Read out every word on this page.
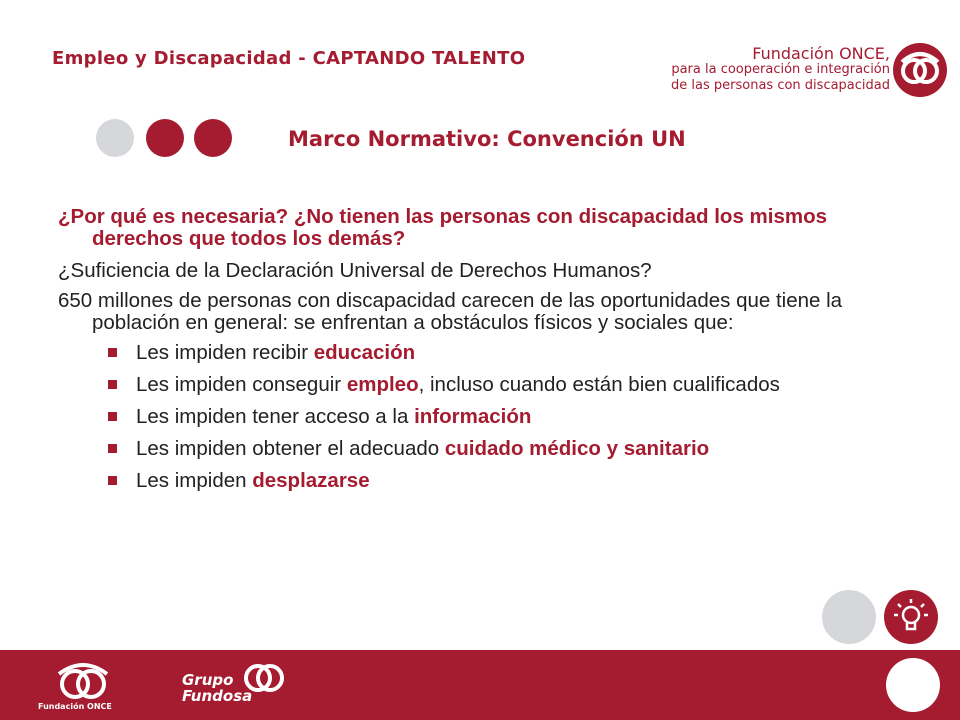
Empleo y Discapacidad - CAPTANDO TALENTO	Fundación ONCE,
para la cooperación e integración
de las personas con discapacidad
Marco Normativo: Convención UN

¿Por qué es necesaria? ¿No tienen las personas con discapacidad los mismos derechos que todos los demás?

¿Suficiencia de la Declaración Universal de Derechos Humanos?

650 millones de personas con discapacidad carecen de las oportunidades que tiene la población en general: se enfrentan a obstáculos físicos y sociales que:

Les impiden recibir educación
Les impiden conseguir empleo, incluso cuando están bien cualificados
Les impiden tener acceso a la información
Les impiden obtener el adecuado cuidado médico y sanitario
Les impiden desplazarse
Fundación ONCE
Grupo
Fundosa
